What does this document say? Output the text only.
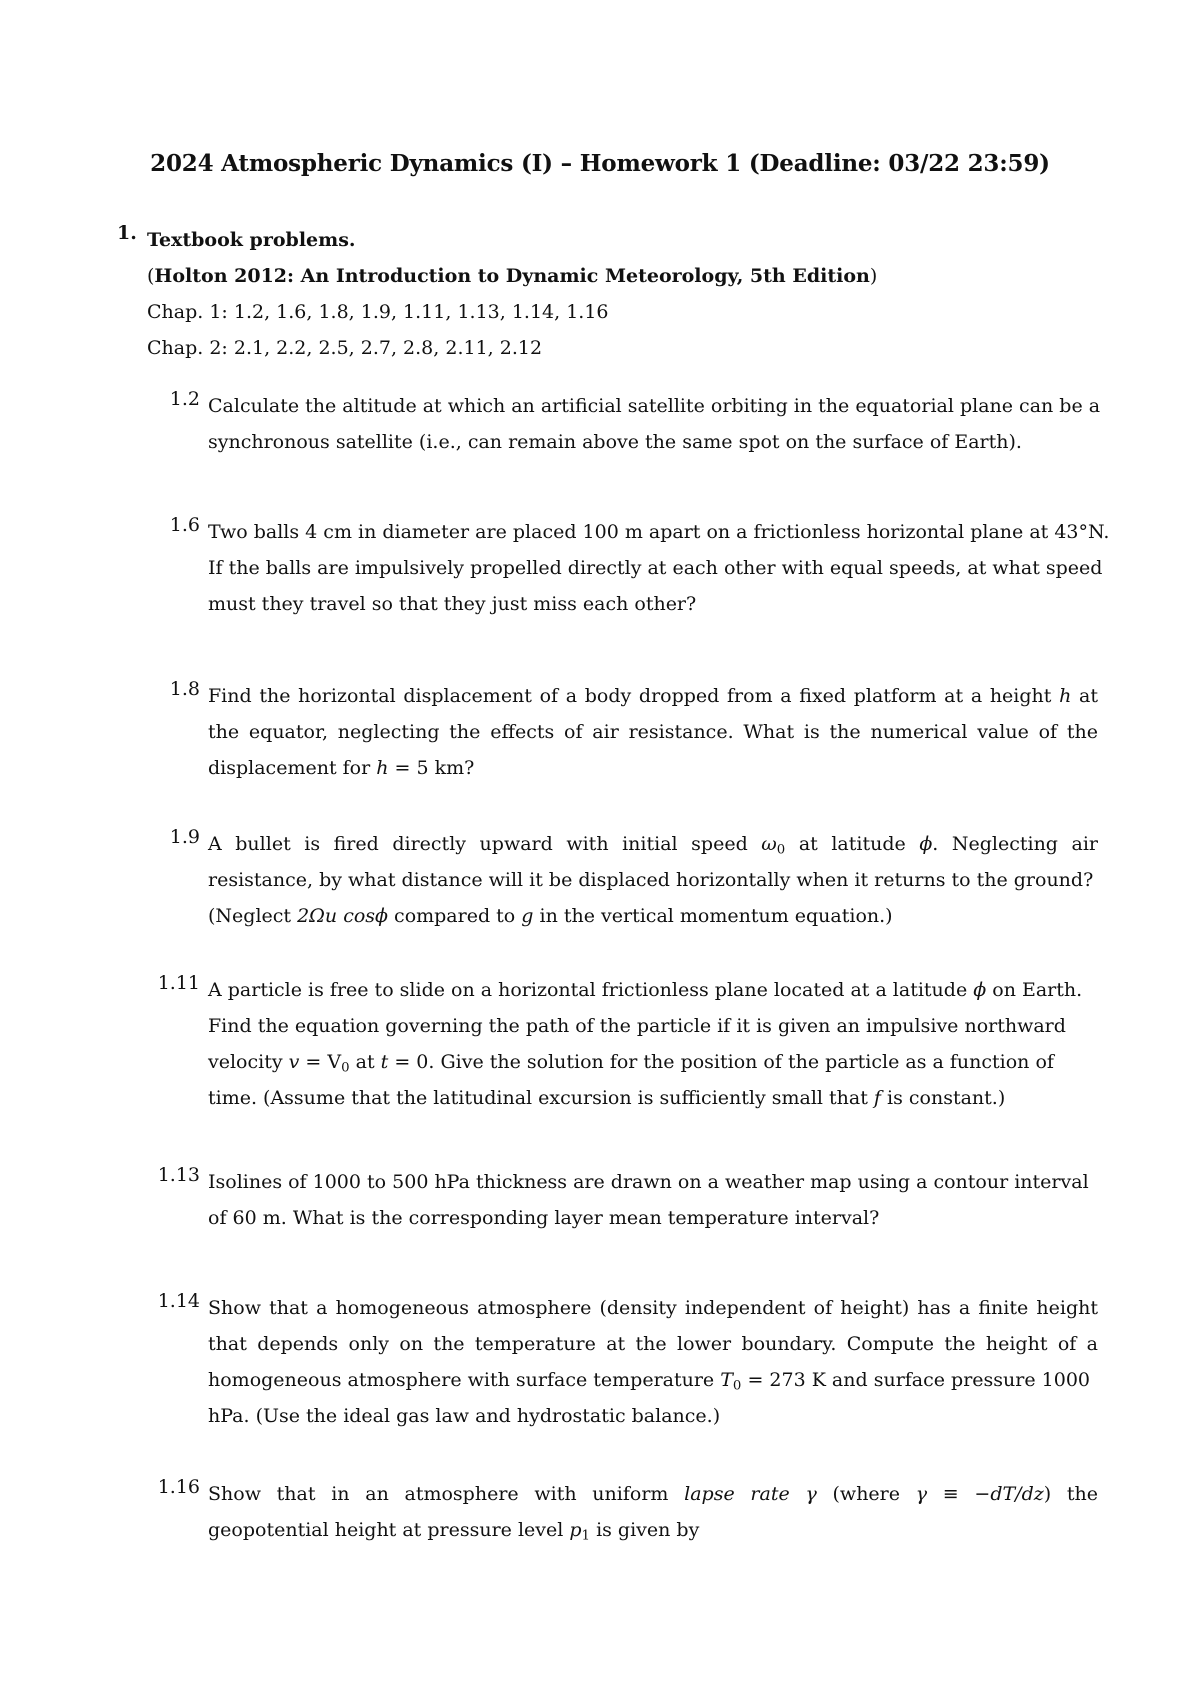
2024 Atmospheric Dynamics (I) – Homework 1 (Deadline: 03/22 23:59)
1. Textbook problems.
(Holton 2012: An Introduction to Dynamic Meteorology, 5th Edition)
Chap. 1: 1.2, 1.6, 1.8, 1.9, 1.11, 1.13, 1.14, 1.16
Chap. 2: 2.1, 2.2, 2.5, 2.7, 2.8, 2.11, 2.12
1.2 Calculate the altitude at which an artificial satellite orbiting in the equatorial plane can be a
synchronous satellite (i.e., can remain above the same spot on the surface of Earth).
1.6 Two balls 4 cm in diameter are placed 100 m apart on a frictionless horizontal plane at 43°N.
If the balls are impulsively propelled directly at each other with equal speeds, at what speed
must they travel so that they just miss each other?
1.8 Find the horizontal displacement of a body dropped from a fixed platform at a height h at
the equator, neglecting the effects of air resistance. What is the numerical value of the
displacement for h = 5 km?
1.9 A bullet is fired directly upward with initial speed $\omega_0$ at latitude ϕ. Neglecting air
resistance, by what distance will it be displaced horizontally when it returns to the ground?
(Neglect 2Ωu cosϕ compared to g in the vertical momentum equation.)
1.11 A particle is free to slide on a horizontal frictionless plane located at a latitude ϕ on Earth.
Find the equation governing the path of the particle if it is given an impulsive northward
velocity $v = V_0$ at t = 0. Give the solution for the position of the particle as a function of
time. (Assume that the latitudinal excursion is sufficiently small that f is constant.)
1.13 Isolines of 1000 to 500 hPa thickness are drawn on a weather map using a contour interval
of 60 m. What is the corresponding layer mean temperature interval?
1.14 Show that a homogeneous atmosphere (density independent of height) has a finite height
that depends only on the temperature at the lower boundary. Compute the height of a
homogeneous atmosphere with surface temperature $T_0 = 273$ K and surface pressure 1000
hPa. (Use the ideal gas law and hydrostatic balance.)
1.16 Show that in an atmosphere with uniform lapse rate γ (where γ ≡ −dT/dz) the
geopotential height at pressure level $p_1$ is given by
